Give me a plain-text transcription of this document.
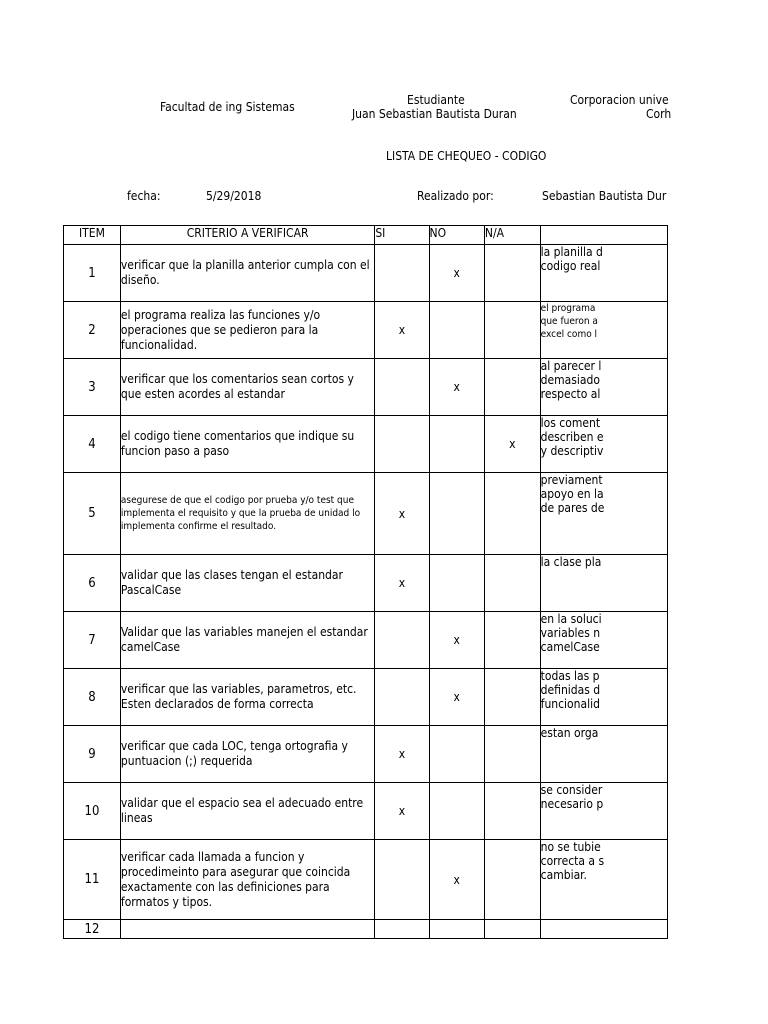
Facultad de ing Sistemas	Estudiante
Juan Sebastian Bautista Duran
Corporacion unive
Corh
LISTA DE CHEQUEO - CODIGO
fecha:	5/29/2018	Realizado por:	Sebastian Bautista Dur
ITEM	CRITERIO A VERIFICAR	SI	NO	N/A	
1	verificar que la planilla anterior cumpla con el diseño.		x		la planilla d
codigo real

2	el programa realiza las funciones y/o operaciones que se pedieron para la funcionalidad.	x			el programa
que fueron a
excel como l

3	verificar que los comentarios sean cortos y que esten acordes al estandar		x		al parecer l
demasiado
respecto al

4	el codigo tiene comentarios que indique su funcion paso a paso			x	los coment
describen e
y descriptiv

5	asegurese de que el codigo por prueba y/o test que implementa el requisito y que la prueba de unidad lo implementa confirme el resultado.	x			previament
apoyo en la
de pares de

6	validar que las clases tengan el estandar PascalCase	x			la clase pla

7	Validar que las variables manejen el estandar camelCase		x		en la soluci
variables n
camelCase

8	verificar que las variables, parametros, etc. Esten declarados de forma correcta		x		todas las p
definidas d
funcionalid

9	verificar que cada LOC, tenga ortografia y puntuacion (;) requerida	x			estan orga

10	validar que el espacio sea el adecuado entre lineas	x			se consider
necesario p

11	verificar cada llamada a funcion y procedimeinto para asegurar que coincida exactamente con las definiciones para formatos y tipos.		x		no se tubie
correcta a s
cambiar.

12					
